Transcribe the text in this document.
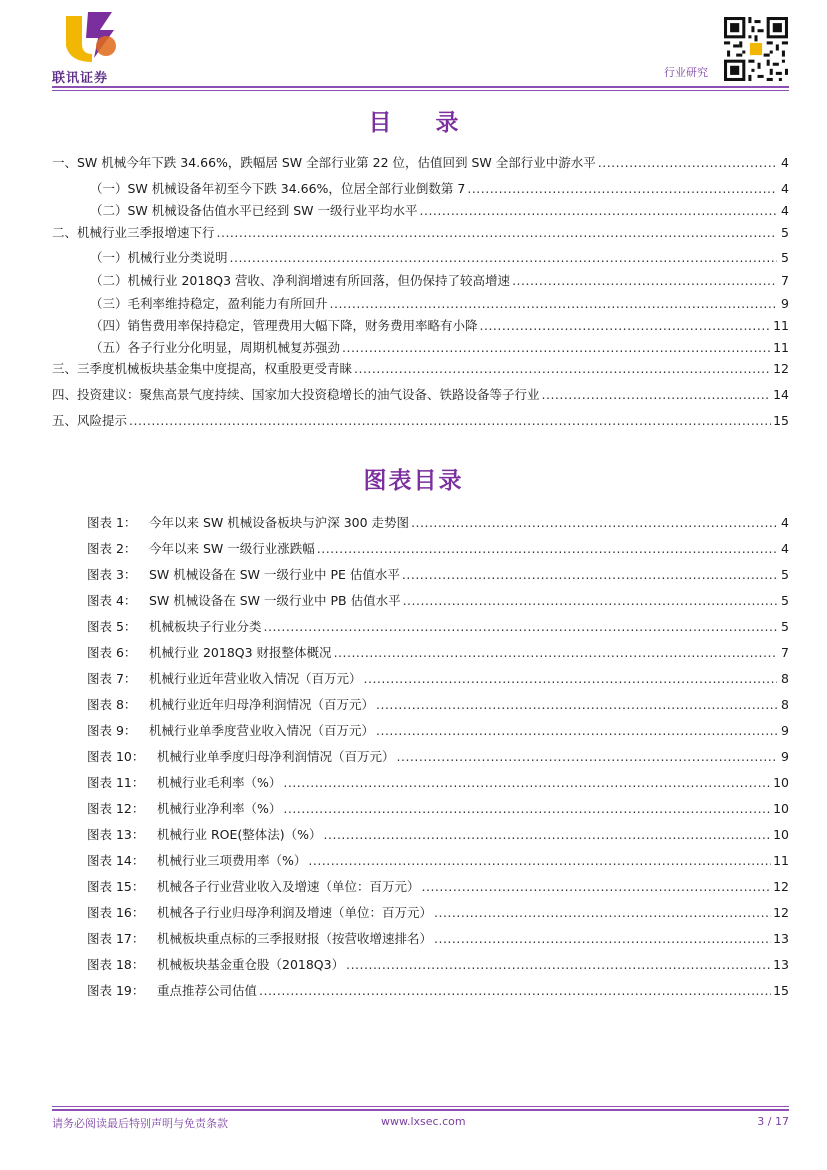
联讯证券	行业研究
目 录
一、SW 机械今年下跌 34.66%，跌幅居 SW 全部行业第 22 位，估值回到 SW 全部行业中游水平 .....	4
（一）SW 机械设备年初至今下跌 34.66%，位居全部行业倒数第 7 .....	4
（二）SW 机械设备估值水平已经到 SW 一级行业平均水平 .....	4
二、机械行业三季报增速下行 .....	5
（一）机械行业分类说明 .....	5
（二）机械行业 2018Q3 营收、净利润增速有所回落，但仍保持了较高增速 .....	7
（三）毛利率维持稳定，盈利能力有所回升 .....	9
（四）销售费用率保持稳定，管理费用大幅下降，财务费用率略有小降 .....	11
（五）各子行业分化明显，周期机械复苏强劲 .....	11
三、三季度机械板块基金集中度提高，权重股更受青睐 .....	12
四、投资建议：聚焦高景气度持续、国家加大投资稳增长的油气设备、铁路设备等子行业 .....	14
五、风险提示 .....	15
图表目录
图表 1： 今年以来 SW 机械设备板块与沪深 300 走势图 .....	4
图表 2： 今年以来 SW 一级行业涨跌幅 .....	4
图表 3： SW 机械设备在 SW 一级行业中 PE 估值水平 .....	5
图表 4： SW 机械设备在 SW 一级行业中 PB 估值水平 .....	5
图表 5： 机械板块子行业分类 .....	5
图表 6： 机械行业 2018Q3 财报整体概况 .....	7
图表 7： 机械行业近年营业收入情况（百万元） .....	8
图表 8： 机械行业近年归母净利润情况（百万元） .....	8
图表 9： 机械行业单季度营业收入情况（百万元） .....	9
图表 10： 机械行业单季度归母净利润情况（百万元） .....	9
图表 11： 机械行业毛利率（%） .....	10
图表 12： 机械行业净利率（%） .....	10
图表 13： 机械行业 ROE(整体法)（%） .....	10
图表 14： 机械行业三项费用率（%） .....	11
图表 15： 机械各子行业营业收入及增速（单位：百万元） .....	12
图表 16： 机械各子行业归母净利润及增速（单位：百万元） .....	12
图表 17： 机械板块重点标的三季报财报（按营收增速排名） .....	13
图表 18： 机械板块基金重仓股（2018Q3） .....	13
图表 19： 重点推荐公司估值 .....	15
请务必阅读最后特别声明与免责条款	www.lxsec.com	3 / 17
